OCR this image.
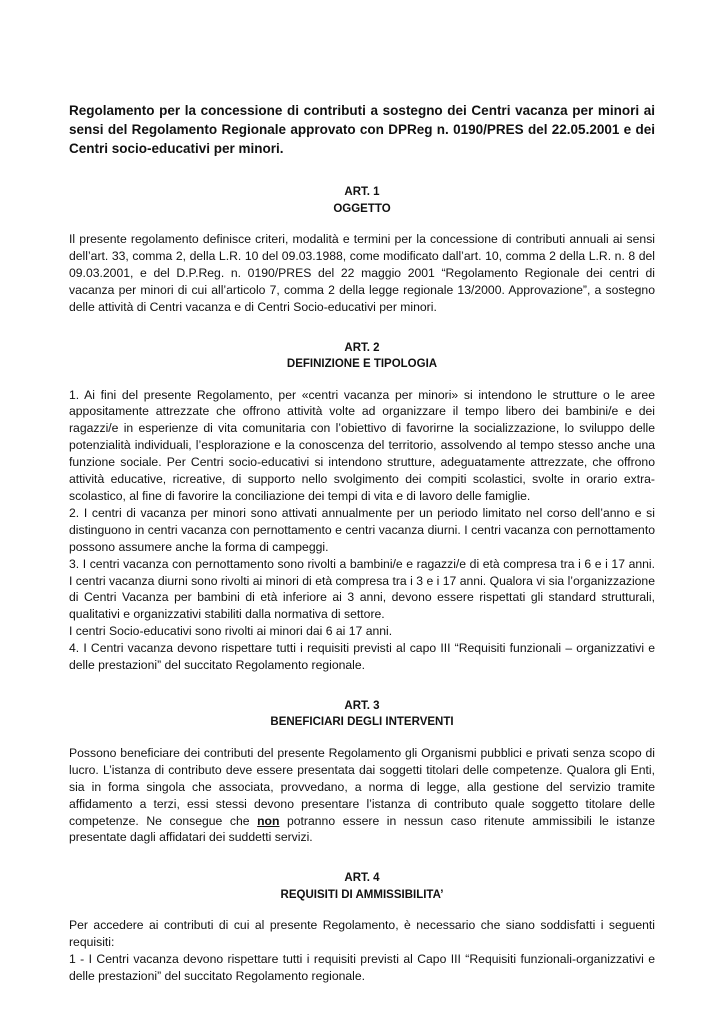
Regolamento per la concessione di contributi a sostegno dei Centri vacanza per minori ai sensi del Regolamento Regionale approvato con DPReg n. 0190/PRES del 22.05.2001 e dei Centri socio-educativi per minori.

ART. 1

OGGETTO

Il presente regolamento definisce criteri, modalità e termini per la concessione di contributi annuali ai sensi dell’art. 33, comma 2, della L.R. 10 del 09.03.1988, come modificato dall’art. 10, comma 2 della L.R. n. 8 del 09.03.2001, e del D.P.Reg. n. 0190/PRES del 22 maggio 2001 “Regolamento Regionale dei centri di vacanza per minori di cui all’articolo 7, comma 2 della legge regionale 13/2000. Approvazione”, a sostegno delle attività di Centri vacanza e di Centri Socio-educativi per minori.

ART. 2

DEFINIZIONE E TIPOLOGIA

1. Ai fini del presente Regolamento, per «centri vacanza per minori» si intendono le strutture o le aree appositamente attrezzate che offrono attività volte ad organizzare il tempo libero dei bambini/e e dei ragazzi/e in esperienze di vita comunitaria con l’obiettivo di favorirne la socializzazione, lo sviluppo delle potenzialità individuali, l’esplorazione e la conoscenza del territorio, assolvendo al tempo stesso anche una funzione sociale. Per Centri socio-educativi si intendono strutture, adeguatamente attrezzate, che offrono attività educative, ricreative, di supporto nello svolgimento dei compiti scolastici, svolte in orario extra-scolastico, al fine di favorire la conciliazione dei tempi di vita e di lavoro delle famiglie.

2. I centri di vacanza per minori sono attivati annualmente per un periodo limitato nel corso dell’anno e si distinguono in centri vacanza con pernottamento e centri vacanza diurni. I centri vacanza con pernottamento possono assumere anche la forma di campeggi.

3. I centri vacanza con pernottamento sono rivolti a bambini/e e ragazzi/e di età compresa tra i 6 e i 17 anni. I centri vacanza diurni sono rivolti ai minori di età compresa tra i 3 e i 17 anni. Qualora vi sia l’organizzazione di Centri Vacanza per bambini di età inferiore ai 3 anni, devono essere rispettati gli standard strutturali, qualitativi e organizzativi stabiliti dalla normativa di settore.

I centri Socio-educativi sono rivolti ai minori dai 6 ai 17 anni.

4. I Centri vacanza devono rispettare tutti i requisiti previsti al capo III “Requisiti funzionali – organizzativi e delle prestazioni” del succitato Regolamento regionale.

ART. 3

BENEFICIARI DEGLI INTERVENTI

Possono beneficiare dei contributi del presente Regolamento gli Organismi pubblici e privati senza scopo di lucro. L’istanza di contributo deve essere presentata dai soggetti titolari delle competenze. Qualora gli Enti, sia in forma singola che associata, provvedano, a norma di legge, alla gestione del servizio tramite affidamento a terzi, essi stessi devono presentare l’istanza di contributo quale soggetto titolare delle competenze. Ne consegue che non potranno essere in nessun caso ritenute ammissibili le istanze presentate dagli affidatari dei suddetti servizi.

ART. 4

REQUISITI DI AMMISSIBILITA’

Per accedere ai contributi di cui al presente Regolamento, è necessario che siano soddisfatti i seguenti requisiti:

1 - I Centri vacanza devono rispettare tutti i requisiti previsti al Capo III “Requisiti funzionali-organizzativi e delle prestazioni” del succitato Regolamento regionale.
